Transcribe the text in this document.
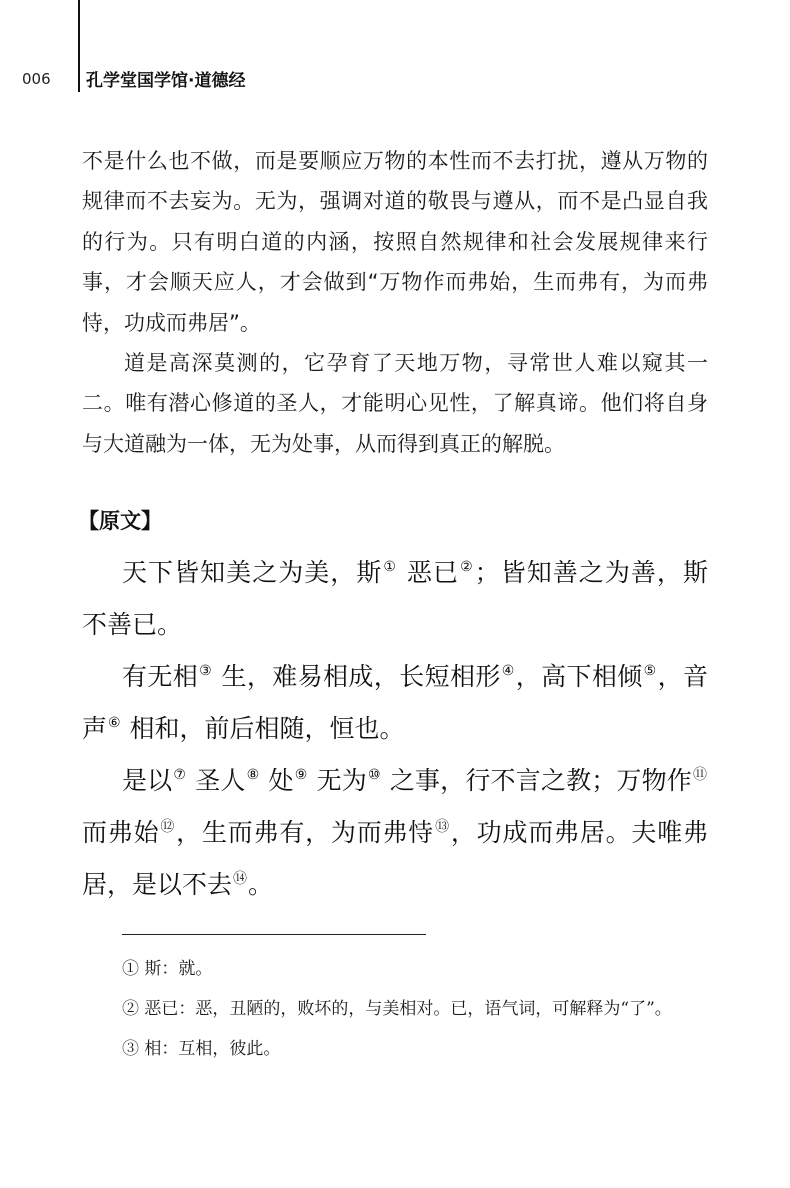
006 孔学堂国学馆·道德经

不是什么也不做，而是要顺应万物的本性而不去打扰，遵从万物的规律而不去妄为。无为，强调对道的敬畏与遵从，而不是凸显自我的行为。只有明白道的内涵，按照自然规律和社会发展规律来行事，才会顺天应人，才会做到“万物作而弗始，生而弗有，为而弗恃，功成而弗居”。

道是高深莫测的，它孕育了天地万物，寻常世人难以窥其一二。唯有潜心修道的圣人，才能明心见性，了解真谛。他们将自身与大道融为一体，无为处事，从而得到真正的解脱。

【原文】
天下皆知美之为美，斯① 恶已②；皆知善之为善，斯不善已。
有无相③ 生，难易相成，长短相形④，高下相倾⑤，音声⑥ 相和，前后相随，恒也。
是以⑦ 圣人⑧ 处⑨ 无为⑩ 之事，行不言之教；万物作⑪ 而弗始⑫，生而弗有，为而弗恃⑬，功成而弗居。夫唯弗居，是以不去⑭。
① 斯：就。
② 恶已：恶，丑陋的，败坏的，与美相对。已，语气词，可解释为“了”。
③ 相：互相，彼此。
